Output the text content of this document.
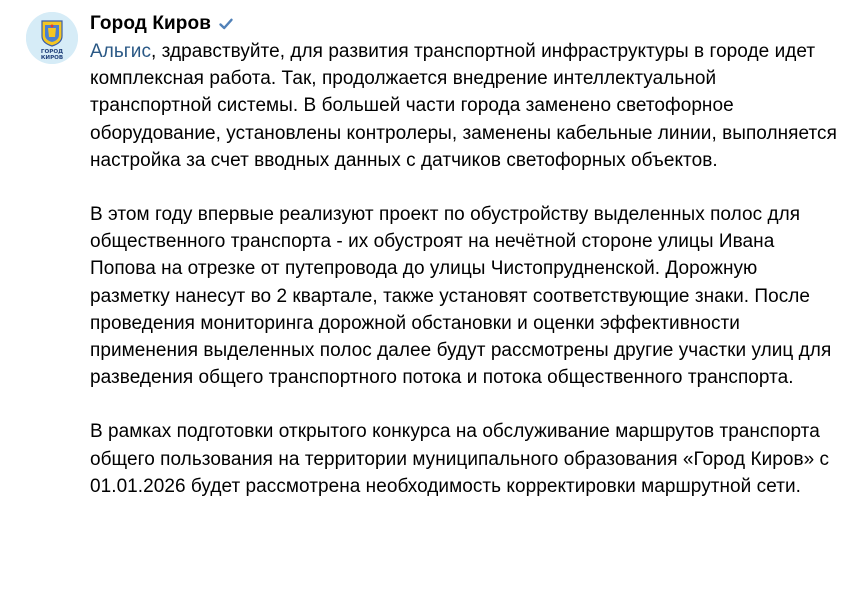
ГОРОД
КИРОВ
Город Киров

Альгис, здравствуйте, для развития транспортной инфраструктуры в городе идет комплексная работа. Так, продолжается внедрение интеллектуальной транспортной системы. В большей части города заменено светофорное оборудование, установлены контролеры, заменены кабельные линии, выполняется настройка за счет вводных данных с датчиков светофорных объектов.

В этом году впервые реализуют проект по обустройству выделенных полос для общественного транспорта - их обустроят на нечётной стороне улицы Ивана Попова на отрезке от путепровода до улицы Чистопрудненской. Дорожную разметку нанесут во 2 квартале, также установят соответствующие знаки. После проведения мониторинга дорожной обстановки и оценки эффективности применения выделенных полос далее будут рассмотрены другие участки улиц для разведения общего транспортного потока и потока общественного транспорта.

В рамках подготовки открытого конкурса на обслуживание маршрутов транспорта общего пользования на территории муниципального образования «Город Киров» с 01.01.2026 будет рассмотрена необходимость корректировки маршрутной сети.
